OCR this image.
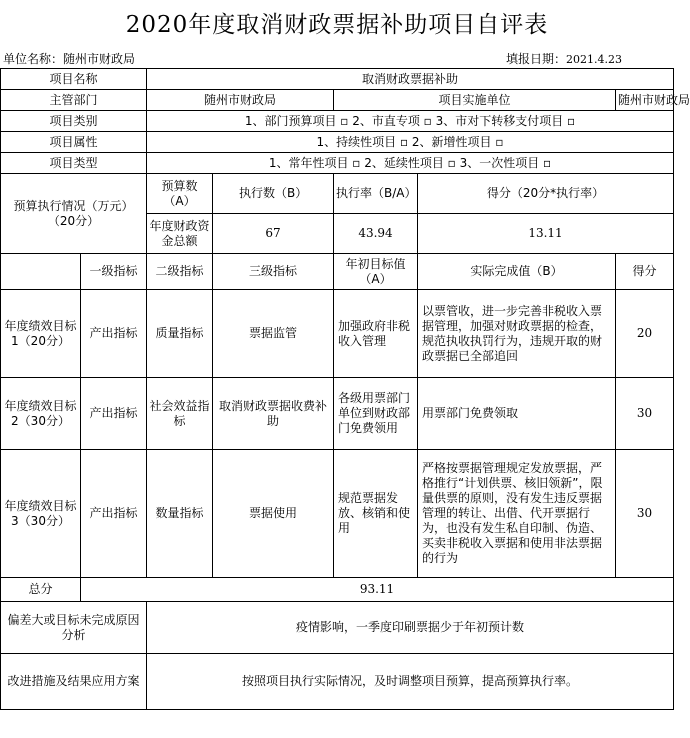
2020年度取消财政票据补助项目自评表
单位名称：随州市财政局	填报日期：2021.4.23
项目名称		取消财政票据补助				
主管部门		随州市财政局		项目实施单位		随州市财政局
项目类别		1、部门预算项目 ▫ 2、市直专项 ▫ 3、市对下转移支付项目 ▫				
项目属性		1、持续性项目 ▫ 2、新增性项目 ▫				
项目类型		1、常年性项目 ▫ 2、延续性项目 ▫ 3、一次性项目 ▫				
预算执行情况（万元）（20分）		预算数（A）	执行数（B）	执行率（B/A）	得分（20分*执行率）	
		年度财政资金总额	67	43.94	13.11	
	一级指标	二级指标	三级指标	年初目标值（A）	实际完成值（B）	得分
年度绩效目标1（20分）	产出指标	质量指标	票据监管	加强政府非税收入管理	以票管收，进一步完善非税收入票据管理，加强对财政票据的检查，规范执收执罚行为，违规开取的财政票据已全部追回	20
年度绩效目标2（30分）	产出指标	社会效益指标	取消财政票据收费补助	各级用票部门单位到财政部门免费领用	用票部门免费领取	30
年度绩效目标3（30分）	产出指标	数量指标	票据使用	规范票据发放、核销和使用	严格按票据管理规定发放票据，严格推行“计划供票、核旧领新”，限量供票的原则，没有发生违反票据管理的转让、出借、代开票据行为，也没有发生私自印制、伪造、买卖非税收入票据和使用非法票据的行为	30
总分	93.11					
偏差大或目标未完成原因分析		疫情影响，一季度印刷票据少于年初预计数				
改进措施及结果应用方案		按照项目执行实际情况，及时调整项目预算，提高预算执行率。				
